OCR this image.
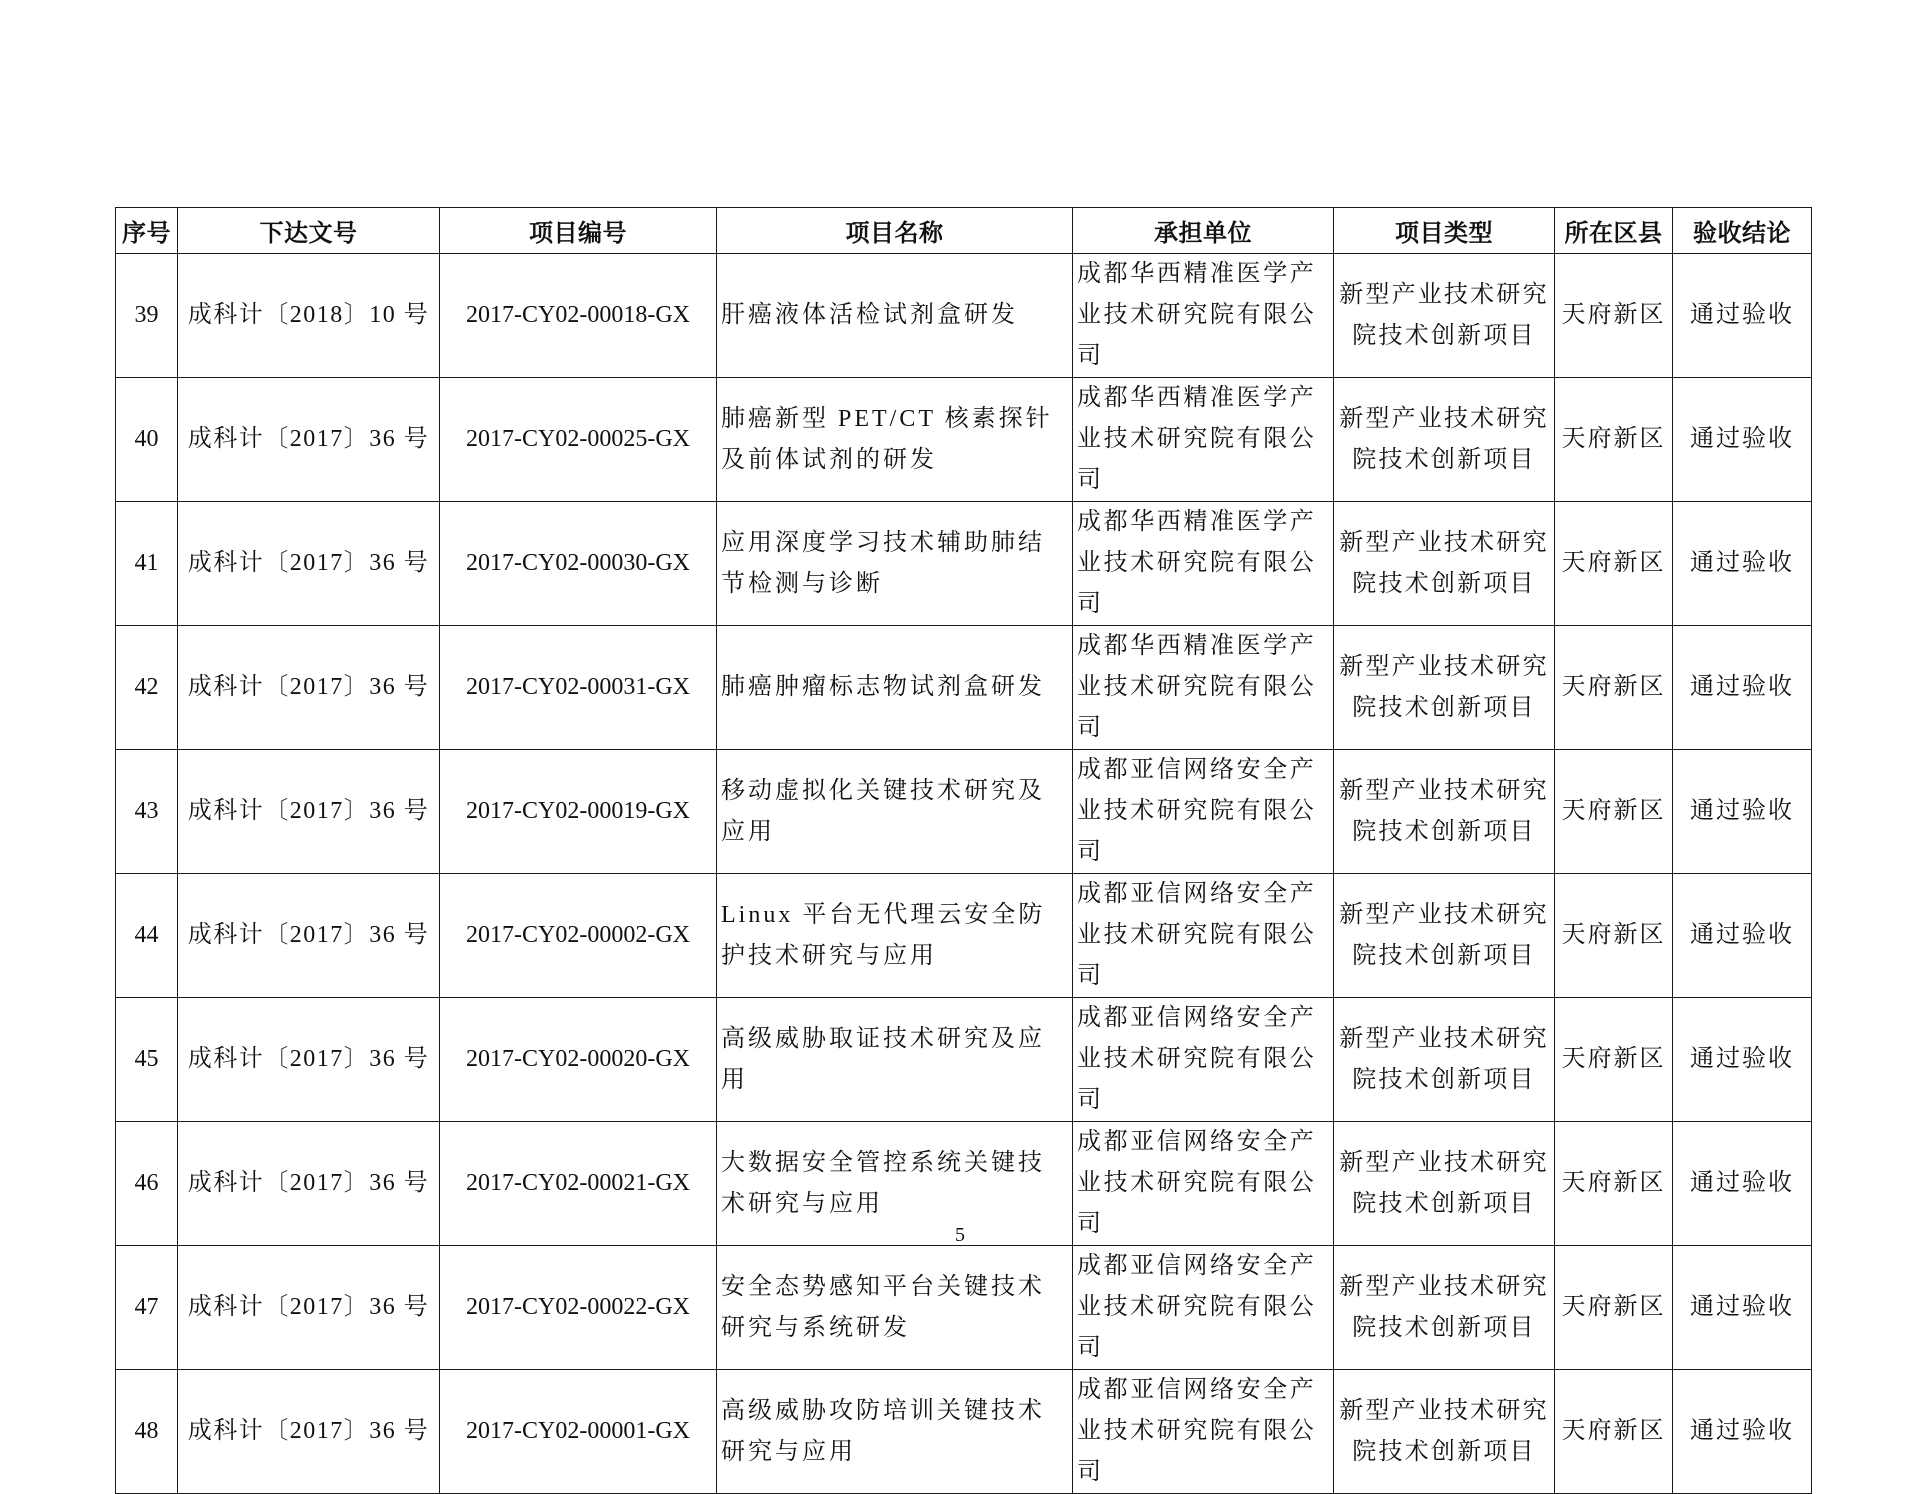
序号	下达文号	项目编号	项目名称	承担单位	项目类型	所在区县	验收结论
39	成科计〔2018〕10 号	2017-CY02-00018-GX	肝癌液体活检试剂盒研发	成都华西精准医学产业技术研究院有限公司	新型产业技术研究院技术创新项目	天府新区	通过验收
40	成科计〔2017〕36 号	2017-CY02-00025-GX	肺癌新型 PET/CT 核素探针及前体试剂的研发	成都华西精准医学产业技术研究院有限公司	新型产业技术研究院技术创新项目	天府新区	通过验收
41	成科计〔2017〕36 号	2017-CY02-00030-GX	应用深度学习技术辅助肺结节检测与诊断	成都华西精准医学产业技术研究院有限公司	新型产业技术研究院技术创新项目	天府新区	通过验收
42	成科计〔2017〕36 号	2017-CY02-00031-GX	肺癌肿瘤标志物试剂盒研发	成都华西精准医学产业技术研究院有限公司	新型产业技术研究院技术创新项目	天府新区	通过验收
43	成科计〔2017〕36 号	2017-CY02-00019-GX	移动虚拟化关键技术研究及应用	成都亚信网络安全产业技术研究院有限公司	新型产业技术研究院技术创新项目	天府新区	通过验收
44	成科计〔2017〕36 号	2017-CY02-00002-GX	Linux 平台无代理云安全防护技术研究与应用	成都亚信网络安全产业技术研究院有限公司	新型产业技术研究院技术创新项目	天府新区	通过验收
45	成科计〔2017〕36 号	2017-CY02-00020-GX	高级威胁取证技术研究及应用	成都亚信网络安全产业技术研究院有限公司	新型产业技术研究院技术创新项目	天府新区	通过验收
46	成科计〔2017〕36 号	2017-CY02-00021-GX	大数据安全管控系统关键技术研究与应用	成都亚信网络安全产业技术研究院有限公司	新型产业技术研究院技术创新项目	天府新区	通过验收
47	成科计〔2017〕36 号	2017-CY02-00022-GX	安全态势感知平台关键技术研究与系统研发	成都亚信网络安全产业技术研究院有限公司	新型产业技术研究院技术创新项目	天府新区	通过验收
48	成科计〔2017〕36 号	2017-CY02-00001-GX	高级威胁攻防培训关键技术研究与应用	成都亚信网络安全产业技术研究院有限公司	新型产业技术研究院技术创新项目	天府新区	通过验收
5
